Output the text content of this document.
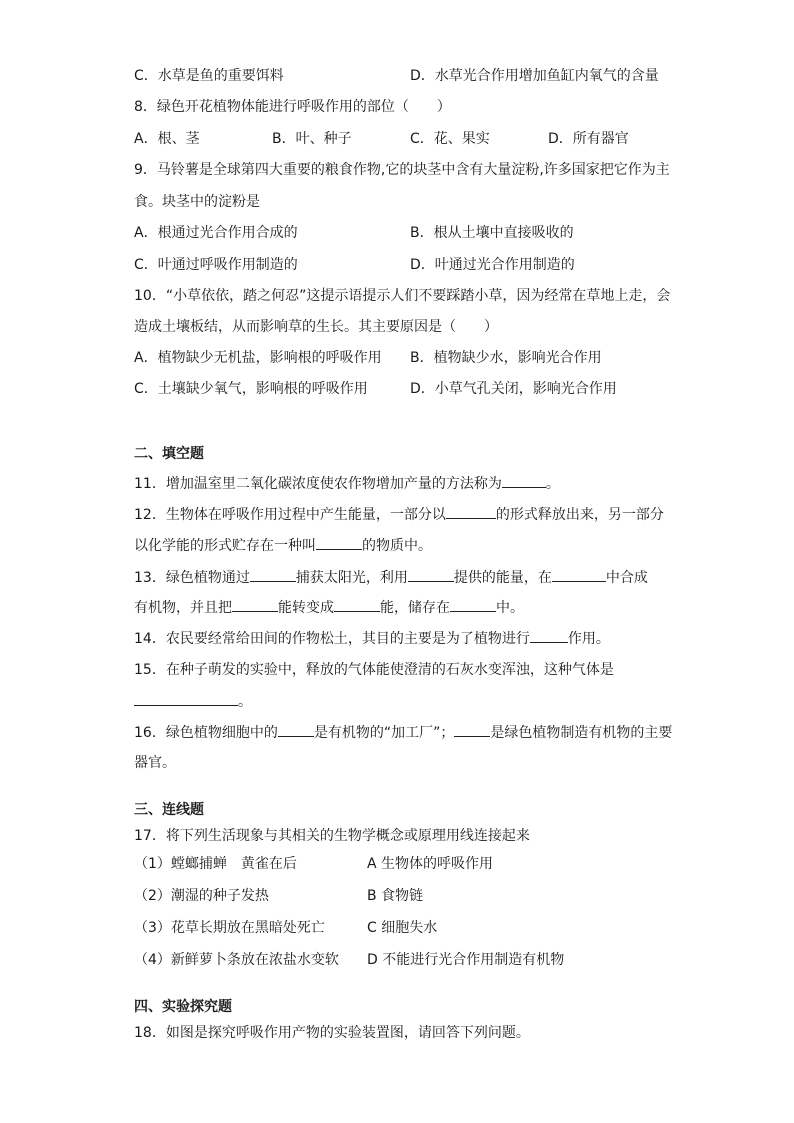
C．水草是鱼的重要饵料	D．水草光合作用增加鱼缸内氧气的含量
8．绿色开花植物体能进行呼吸作用的部位（　　）
A．根、茎	B．叶、种子	C．花、果实	D．所有器官
9．马铃薯是全球第四大重要的粮食作物,它的块茎中含有大量淀粉,许多国家把它作为主
食。块茎中的淀粉是
A．根通过光合作用合成的	B．根从土壤中直接吸收的
C．叶通过呼吸作用制造的	D．叶通过光合作用制造的
10．“小草依依，踏之何忍”这提示语提示人们不要踩踏小草，因为经常在草地上走，会
造成土壤板结，从而影响草的生长。其主要原因是（　　）
A．植物缺少无机盐，影响根的呼吸作用 B．植物缺少水，影响光合作用
C．土壤缺少氧气，影响根的呼吸作用	D．小草气孔关闭，影响光合作用
二、填空题
11．增加温室里二氧化碳浓度使农作物增加产量的方法称为	。
12．生物体在呼吸作用过程中产生能量，一部分以	的形式释放出来，另一部分
以化学能的形式贮存在一种叫	的物质中。
13．绿色植物通过	捕获太阳光，利用	提供的能量，在	中合成
有机物，并且把	能转变成	能，储存在	中。
14．农民要经常给田间的作物松土，其目的主要是为了植物进行	作用。
15．在种子萌发的实验中，释放的气体能使澄清的石灰水变浑浊，这种气体是
。
16．绿色植物细胞中的	是有机物的“加工厂”；	是绿色植物制造有机物的主要
器官。
三、连线题
17．将下列生活现象与其相关的生物学概念或原理用线连接起来
（1）螳螂捕蝉　黄雀在后	A 生物体的呼吸作用
（2）潮湿的种子发热	B 食物链
（3）花草长期放在黑暗处死亡	C 细胞失水
（4）新鲜萝卜条放在浓盐水变软 D 不能进行光合作用制造有机物
四、实验探究题
18．如图是探究呼吸作用产物的实验装置图，请回答下列问题。
